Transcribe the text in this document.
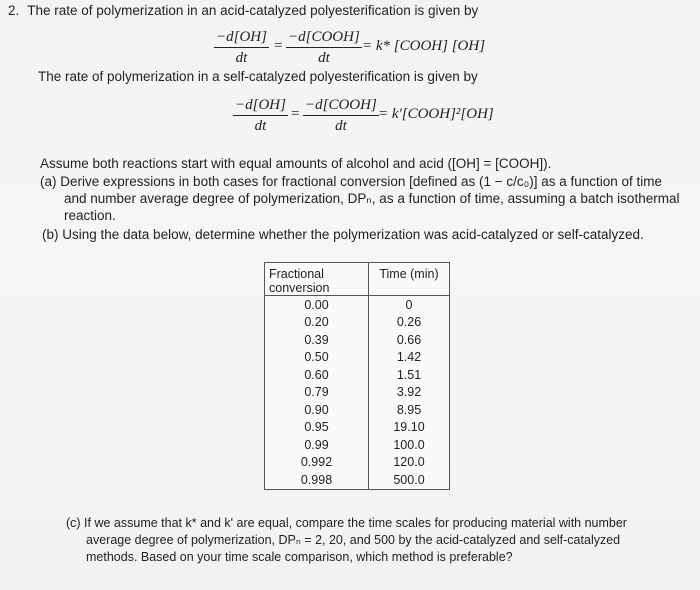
2. The rate of polymerization in an acid-catalyzed polyesterification is given by
$\frac{-d[OH]}{dt}$ =
−d[COOH]
dt
= k* [COOH] [OH]
The rate of polymerization in a self-catalyzed polyesterification is given by
$\frac{-d[OH]}{dt}$ =
−d[COOH]
dt
= k'[COOH]²[OH]
Assume both reactions start with equal amounts of alcohol and acid ([OH] = [COOH]).
(a) Derive expressions in both cases for fractional conversion [defined as (1 − c/c₀)] as a function of time
and number average degree of polymerization, DPₙ, as a function of time, assuming a batch isothermal
reaction.
(b) Using the data below, determine whether the polymerization was acid-catalyzed or self-catalyzed.
Fractional
conversion	Time (min)
0.00	0
0.20	0.26
0.39	0.66
0.50	1.42
0.60	1.51
0.79	3.92
0.90	8.95
0.95	19.10
0.99	100.0
0.992	120.0
0.998	500.0
(c) If we assume that k* and k' are equal, compare the time scales for producing material with number
average degree of polymerization, DPₙ = 2, 20, and 500 by the acid-catalyzed and self-catalyzed
methods. Based on your time scale comparison, which method is preferable?
